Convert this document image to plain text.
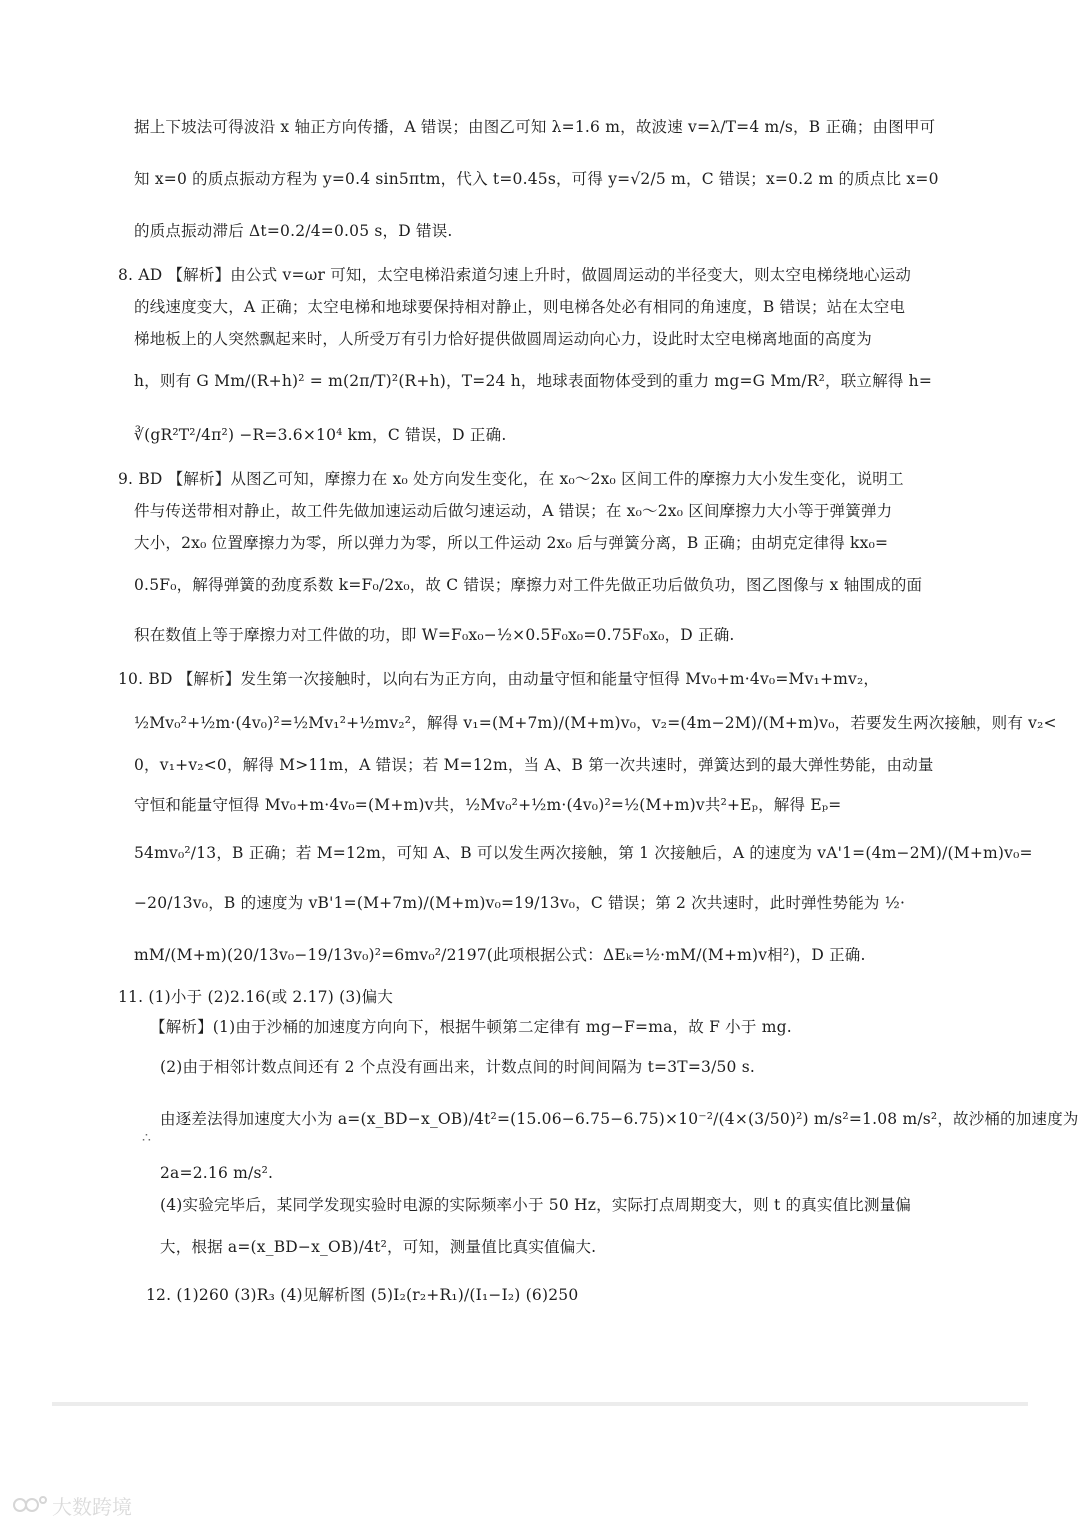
据上下坡法可得波沿 x 轴正方向传播，A 错误；由图乙可知 λ=1.6 m，故波速 v=λ/T=4 m/s，B 正确；由图甲可
知 x=0 的质点振动方程为 y=0.4 sin5πtm，代入 t=0.45s，可得 y=√2/5 m，C 错误；x=0.2 m 的质点比 x=0
的质点振动滞后 Δt=0.2/4=0.05 s，D 错误.
8. AD 【解析】由公式 v=ωr 可知，太空电梯沿索道匀速上升时，做圆周运动的半径变大，则太空电梯绕地心运动
的线速度变大，A 正确；太空电梯和地球要保持相对静止，则电梯各处必有相同的角速度，B 错误；站在太空电
梯地板上的人突然飘起来时，人所受万有引力恰好提供做圆周运动向心力，设此时太空电梯离地面的高度为
h，则有 G Mm/(R+h)² = m(2π/T)²(R+h)，T=24 h，地球表面物体受到的重力 mg=G Mm/R²，联立解得 h=
∛(gR²T²/4π²) −R=3.6×10⁴ km，C 错误，D 正确.
9. BD 【解析】从图乙可知，摩擦力在 x₀ 处方向发生变化，在 x₀～2x₀ 区间工件的摩擦力大小发生变化，说明工
件与传送带相对静止，故工件先做加速运动后做匀速运动，A 错误；在 x₀～2x₀ 区间摩擦力大小等于弹簧弹力
大小，2x₀ 位置摩擦力为零，所以弹力为零，所以工件运动 2x₀ 后与弹簧分离，B 正确；由胡克定律得 kx₀=
0.5F₀，解得弹簧的劲度系数 k=F₀/2x₀，故 C 错误；摩擦力对工件先做正功后做负功，图乙图像与 x 轴围成的面
积在数值上等于摩擦力对工件做的功，即 W=F₀x₀−½×0.5F₀x₀=0.75F₀x₀，D 正确.
10. BD 【解析】发生第一次接触时，以向右为正方向，由动量守恒和能量守恒得 Mv₀+m·4v₀=Mv₁+mv₂，
½Mv₀²+½m·(4v₀)²=½Mv₁²+½mv₂²，解得 v₁=(M+7m)/(M+m)v₀，v₂=(4m−2M)/(M+m)v₀，若要发生两次接触，则有 v₂<
0，v₁+v₂<0，解得 M>11m，A 错误；若 M=12m，当 A、B 第一次共速时，弹簧达到的最大弹性势能，由动量
守恒和能量守恒得 Mv₀+m·4v₀=(M+m)v共，½Mv₀²+½m·(4v₀)²=½(M+m)v共²+Eₚ，解得 Eₚ=
54mv₀²/13，B 正确；若 M=12m，可知 A、B 可以发生两次接触，第 1 次接触后，A 的速度为 vA'1=(4m−2M)/(M+m)v₀=
−20/13v₀，B 的速度为 vB'1=(M+7m)/(M+m)v₀=19/13v₀，C 错误；第 2 次共速时，此时弹性势能为 ½·
mM/(M+m)(20/13v₀−19/13v₀)²=6mv₀²/2197(此项根据公式：ΔEₖ=½·mM/(M+m)v相²)，D 正确.
11. (1)小于 (2)2.16(或 2.17) (3)偏大
【解析】(1)由于沙桶的加速度方向向下，根据牛顿第二定律有 mg−F=ma，故 F 小于 mg.
(2)由于相邻计数点间还有 2 个点没有画出来，计数点间的时间间隔为 t=3T=3/50 s.
由逐差法得加速度大小为 a=(x_BD−x_OB)/4t²=(15.06−6.75−6.75)×10⁻²/(4×(3/50)²) m/s²=1.08 m/s²，故沙桶的加速度为
∴
2a=2.16 m/s².
(4)实验完毕后，某同学发现实验时电源的实际频率小于 50 Hz，实际打点周期变大，则 t 的真实值比测量偏
大，根据 a=(x_BD−x_OB)/4t²，可知，测量值比真实值偏大.
12. (1)260 (3)R₃ (4)见解析图 (5)I₂(r₂+R₁)/(I₁−I₂) (6)250
大数跨境
